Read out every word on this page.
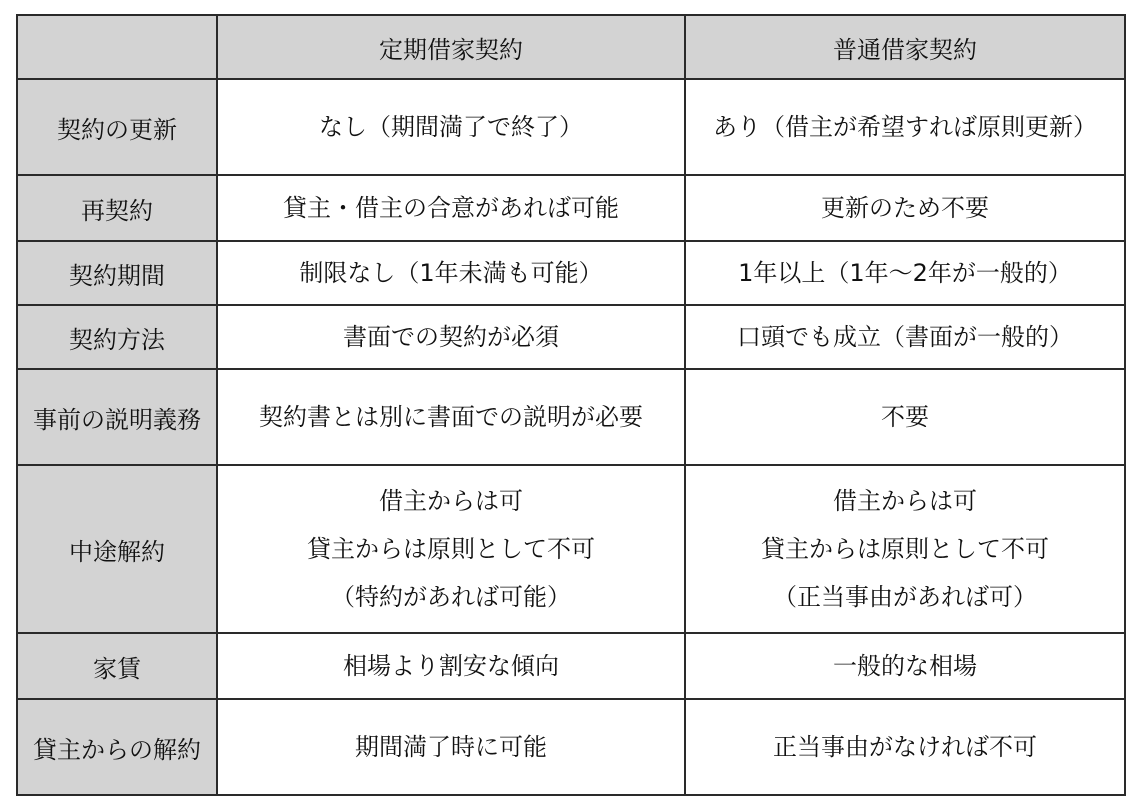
	定期借家契約	普通借家契約
契約の更新	なし（期間満了で終了）	あり（借主が希望すれば原則更新）

再契約	貸主・借主の合意があれば可能	更新のため不要

契約期間	制限なし（1年未満も可能）	1年以上（1年〜2年が一般的）

契約方法	書面での契約が必須	口頭でも成立（書面が一般的）

事前の説明義務	契約書とは別に書面での説明が必要	不要

中途解約	借主からは可
貸主からは原則として不可
（特約があれば可能）	借主からは可
貸主からは原則として不可
（正当事由があれば可）

家賃	相場より割安な傾向	一般的な相場

貸主からの解約	期間満了時に可能	正当事由がなければ不可
